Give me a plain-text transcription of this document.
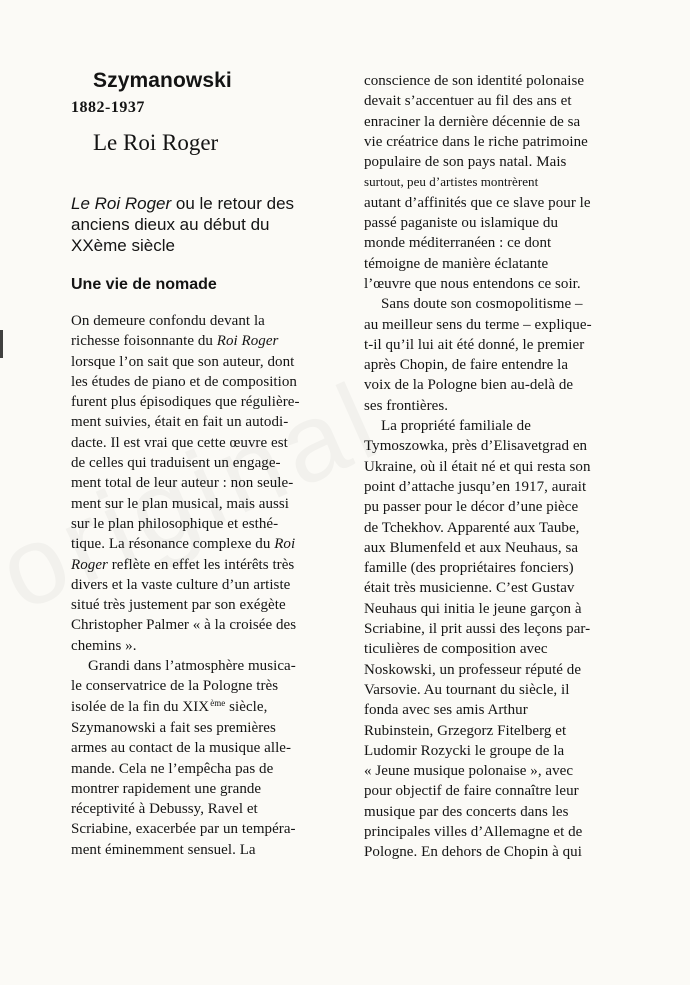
Szymanowski
1882-1937
Le Roi Roger
Le Roi Roger ou le retour des
anciens dieux au début du
XXème siècle
Une vie de nomade
On demeure confondu devant la
richesse foisonnante du Roi Roger
lorsque l’on sait que son auteur, dont
les études de piano et de composition
furent plus épisodiques que régulière-
ment suivies, était en fait un autodi-
dacte. Il est vrai que cette œuvre est
de celles qui traduisent un engage-
ment total de leur auteur : non seule-
ment sur le plan musical, mais aussi
sur le plan philosophique et esthé-
tique. La résonance complexe du Roi
Roger reflète en effet les intérêts très
divers et la vaste culture d’un artiste
situé très justement par son exégète
Christopher Palmer « à la croisée des
chemins ».
Grandi dans l’atmosphère musica-
le conservatrice de la Pologne très
isolée de la fin du XIXème siècle,
Szymanowski a fait ses premières
armes au contact de la musique alle-
mande. Cela ne l’empêcha pas de
montrer rapidement une grande
réceptivité à Debussy, Ravel et
Scriabine, exacerbée par un tempéra-
ment éminemment sensuel. La
conscience de son identité polonaise
devait s’accentuer au fil des ans et
enraciner la dernière décennie de sa
vie créatrice dans le riche patrimoine
populaire de son pays natal. Mais
surtout, peu d’artistes montrèrent
autant d’affinités que ce slave pour le
passé paganiste ou islamique du
monde méditerranéen : ce dont
témoigne de manière éclatante
l’œuvre que nous entendons ce soir.
Sans doute son cosmopolitisme –
au meilleur sens du terme – explique-
t-il qu’il lui ait été donné, le premier
après Chopin, de faire entendre la
voix de la Pologne bien au-delà de
ses frontières.
La propriété familiale de
Tymoszowka, près d’Elisavetgrad en
Ukraine, où il était né et qui resta son
point d’attache jusqu’en 1917, aurait
pu passer pour le décor d’une pièce
de Tchekhov. Apparenté aux Taube,
aux Blumenfeld et aux Neuhaus, sa
famille (des propriétaires fonciers)
était très musicienne. C’est Gustav
Neuhaus qui initia le jeune garçon à
Scriabine, il prit aussi des leçons par-
ticulières de composition avec
Noskowski, un professeur réputé de
Varsovie. Au tournant du siècle, il
fonda avec ses amis Arthur
Rubinstein, Grzegorz Fitelberg et
Ludomir Rozycki le groupe de la
« Jeune musique polonaise », avec
pour objectif de faire connaître leur
musique par des concerts dans les
principales villes d’Allemagne et de
Pologne. En dehors de Chopin à qui
